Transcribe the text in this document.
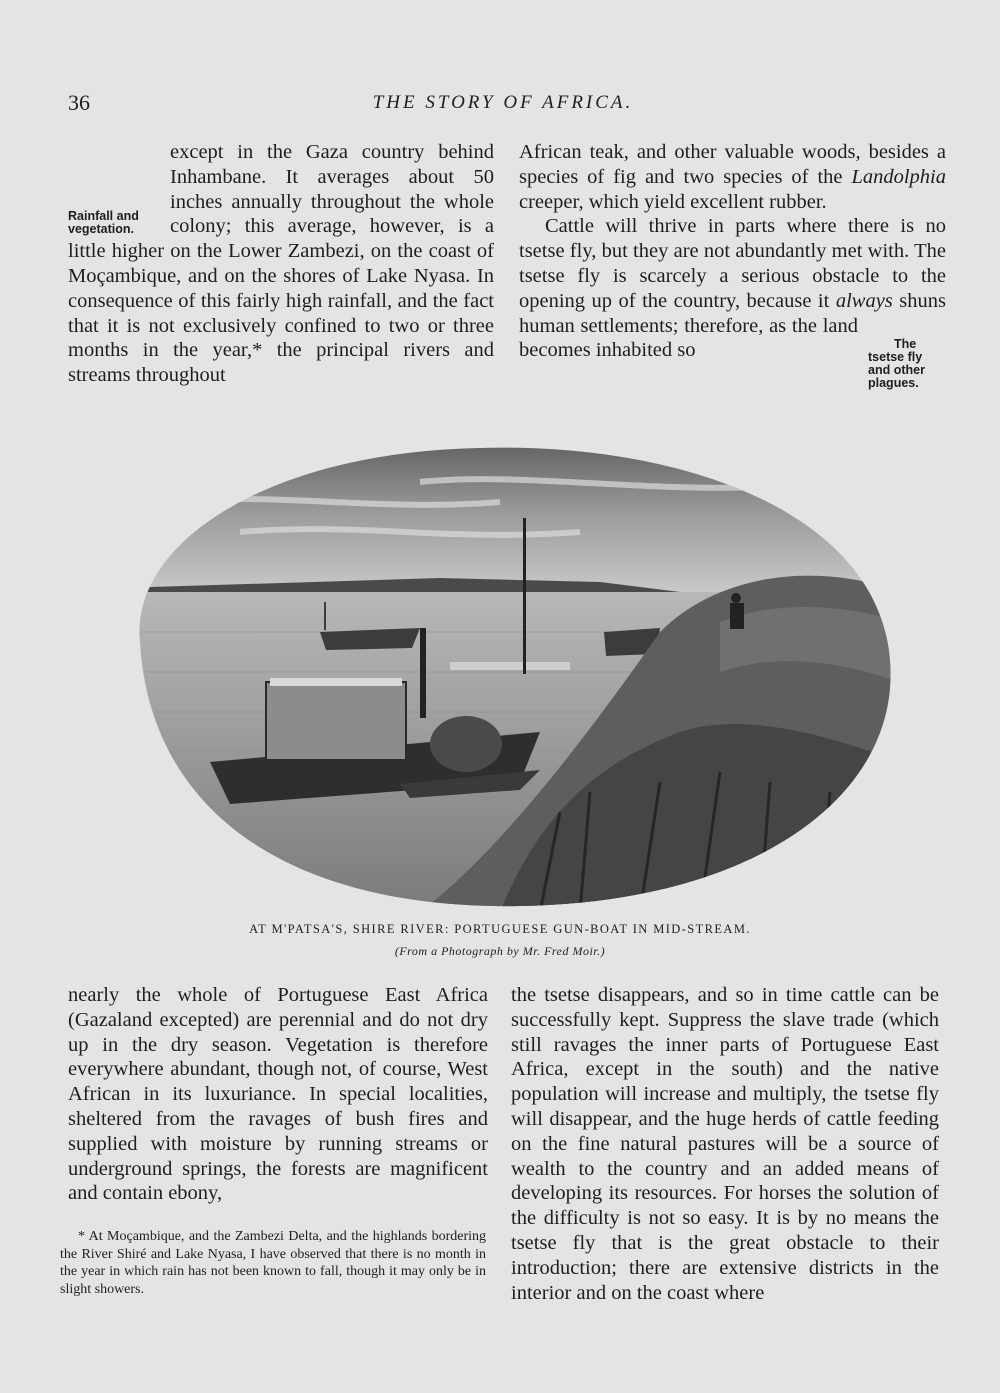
36	THE STORY OF AFRICA.

Rainfall and vegetation.
except in the Gaza country behind Inhambane. It averages about 50 inches annually throughout the whole colony; this average, however, is a little higher on the Lower Zambezi, on the coast of Moçambique, and on the shores of Lake Nyasa. In consequence of this fairly high rainfall, and the fact that it is not exclusively confined to two or three months in the year,* the principal rivers and streams throughout

African teak, and other valuable woods, besides a species of fig and two species of the Landolphia creeper, which yield excellent rubber.

The tsetse fly and other plagues.
Cattle will thrive in parts where there is no tsetse fly, but they are not abundantly met with. The tsetse fly is scarcely a serious obstacle to the opening up of the country, because it always shuns human settlements; therefore, as the land becomes inhabited so

AT M'PATSA'S, SHIRE RIVER: PORTUGUESE GUN-BOAT IN MID-STREAM.
(From a Photograph by Mr. Fred Moir.)

nearly the whole of Portuguese East Africa (Gazaland excepted) are perennial and do not dry up in the dry season. Vegetation is therefore everywhere abundant, though not, of course, West African in its luxuriance. In special localities, sheltered from the ravages of bush fires and supplied with moisture by running streams or underground springs, the forests are magnificent and contain ebony,

* At Moçambique, and the Zambezi Delta, and the highlands bordering the River Shiré and Lake Nyasa, I have observed that there is no month in the year in which rain has not been known to fall, though it may only be in slight showers.

the tsetse disappears, and so in time cattle can be successfully kept. Suppress the slave trade (which still ravages the inner parts of Portuguese East Africa, except in the south) and the native population will increase and multiply, the tsetse fly will disappear, and the huge herds of cattle feeding on the fine natural pastures will be a source of wealth to the country and an added means of developing its resources. For horses the solution of the difficulty is not so easy. It is by no means the tsetse fly that is the great obstacle to their introduction; there are extensive districts in the interior and on the coast where
